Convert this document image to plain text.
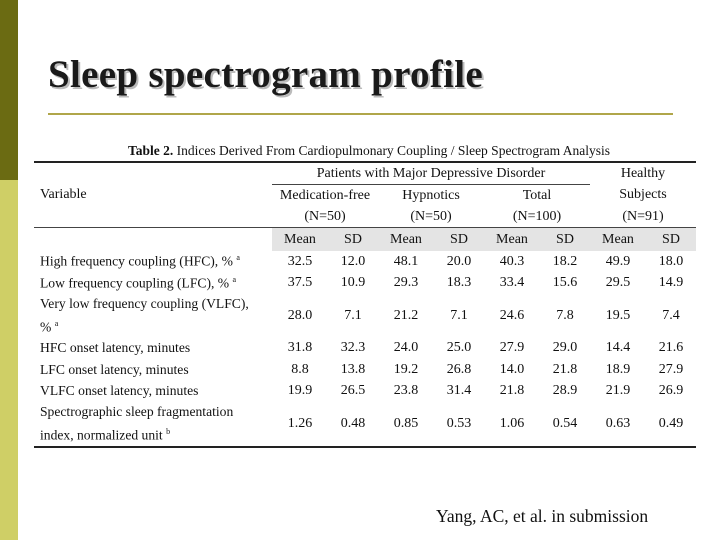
Sleep spectrogram profile
Table 2. Indices Derived From Cardiopulmonary Coupling / Sleep Spectrogram Analysis
	Patients with Major Depressive Disorder						Healthy	
Variable	Medication-free		Hypnotics		Total		Subjects	
	(N=50)		(N=50)		(N=100)		(N=91)	
	Mean	SD	Mean	SD	Mean	SD	Mean	SD
High frequency coupling (HFC), % $^a$	32.5	12.0	48.1	20.0	40.3	18.2	49.9	18.0
Low frequency coupling (LFC), % $^a$	37.5	10.9	29.3	18.3	33.4	15.6	29.5	14.9
Very low frequency coupling (VLFC),
% $^a$	28.0	7.1	21.2	7.1	24.6	7.8	19.5	7.4
HFC onset latency, minutes	31.8	32.3	24.0	25.0	27.9	29.0	14.4	21.6
LFC onset latency, minutes	8.8	13.8	19.2	26.8	14.0	21.8	18.9	27.9
VLFC onset latency, minutes	19.9	26.5	23.8	31.4	21.8	28.9	21.9	26.9
Spectrographic sleep fragmentation
index, normalized unit $^b$	1.26	0.48	0.85	0.53	1.06	0.54	0.63	0.49
Yang, AC, et al. in submission
